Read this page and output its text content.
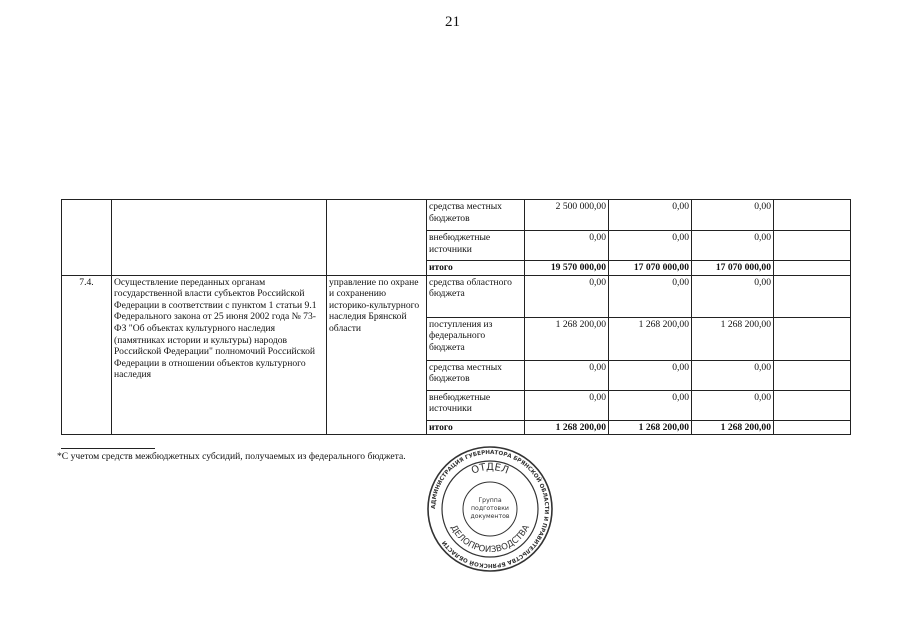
21
			средства местных бюджетов	2 500 000,00	0,00	0,00	
			внебюджетные источники	0,00	0,00	0,00	
			итого	19 570 000,00	17 070 000,00	17 070 000,00	
7.4.	Осуществление переданных органам государственной власти субъектов Российской Федерации в соответствии с пунктом 1 статьи 9.1 Федерального закона от 25 июня 2002 года № 73-ФЗ "Об объектах культурного наследия (памятниках истории и культуры) народов Российской Федерации" полномочий Российской Федерации в отношении объектов культурного наследия	управление по охране и сохранению историко-культурного наследия Брянской области	средства областного бюджета	0,00	0,00	0,00	
			поступления из федерального бюджета	1 268 200,00	1 268 200,00	1 268 200,00	
			средства местных бюджетов	0,00	0,00	0,00	
			внебюджетные источники	0,00	0,00	0,00	
			итого	1 268 200,00	1 268 200,00	1 268 200,00	
*С учетом средств межбюджетных субсидий, получаемых из федерального бюджета.
АДМИНИСТРАЦИЯ ГУБЕРНАТОРА БРЯНСКОЙ ОБЛАСТИ И ПРАВИТЕЛЬСТВА БРЯНСКОЙ ОБЛАСТИ
ОТДЕЛ
ДЕЛОПРОИЗВОДСТВА
Группа
подготовки
документов
